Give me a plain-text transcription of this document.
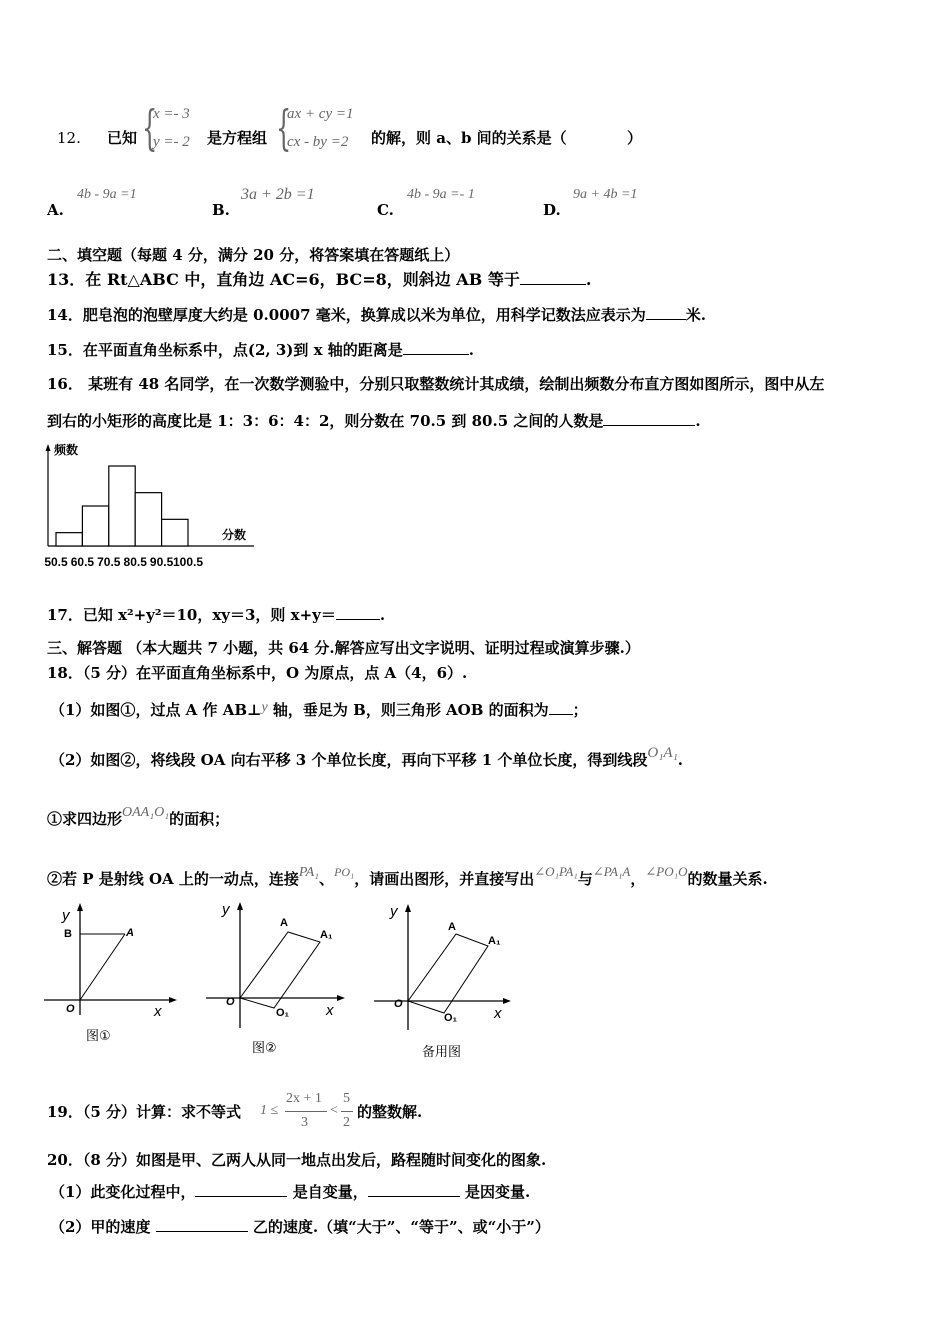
12. 已知 {
x =- 3
y =- 2 是方程组 {
ax + cy =1
cx - by =2 的解，则 a、b 间的关系是（	）
A.
4b - 9a =1
B.
3a + 2b =1
C.
4b - 9a =- 1
D.
9a + 4b =1
二、填空题（每题 4 分，满分 20 分，将答案填在答题纸上）
13．在 Rt△ABC 中，直角边 AC=6，BC=8，则斜边 AB 等于	.
14．肥皂泡的泡壁厚度大约是 0.0007 毫米，换算成以米为单位，用科学记数法应表示为	米.
15．在平面直角坐标系中，点(2, 3)到 x 轴的距离是	.
16． 某班有 48 名同学，在一次数学测验中，分别只取整数统计其成绩，绘制出频数分布直方图如图所示，图中从左
到右的小矩形的高度比是 1：3：6：4：2，则分数在 70.5 到 80.5 之间的人数是	.
频数
分数
50.5 60.5 70.5 80.5 90.5 100.5
17．已知 x²+y²＝10，xy＝3，则 x+y＝	.
三、解答题 （本大题共 7 小题，共 64 分.解答应写出文字说明、证明过程或演算步骤.）
18．（5 分）在平面直角坐标系中，O 为原点，点 A（4，6）.
（1）如图①，过点 A 作 AB⊥y 轴，垂足为 B，则三角形 AOB 的面积为 ；
（2）如图②，将线段 OA 向右平移 3 个单位长度，再向下平移 1 个单位长度，得到线段O₁A₁.
①求四边形OAA₁O₁的面积；
②若 P 是射线 OA 上的一动点，连接PA₁、$^{PO_1}$，请画出图形，并直接写出∠O₁PA₁与∠PA₁A，∠PO₁O的数量关系.
y
x
O
B	A
图①
y
x
O
A
A₁
O₁
图②
y
x
O
A
A₁
O₁
备用图
19．（5 分）计算：求不等式 1 ≤
2x + 1
3
<
5
2
的整数解.
20．（8 分）如图是甲、乙两人从同一地点出发后，路程随时间变化的图象.
（1）此变化过程中，	是自变量，	是因变量.
（2）甲的速度	乙的速度.（填“大于”、“等于”、或“小于”）
